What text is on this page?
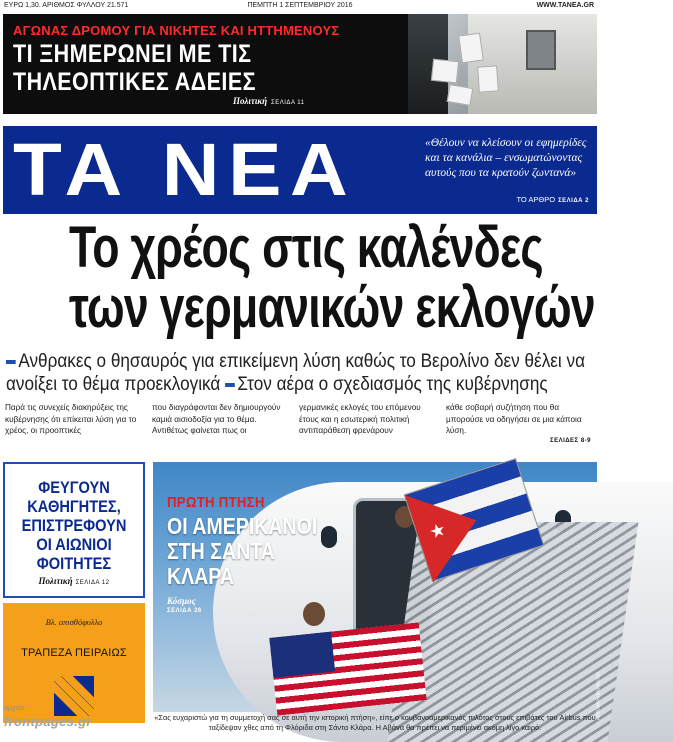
ΕΥΡΩ 1,30. ΑΡΙΘΜΟΣ ΦΥΛΛΟΥ 21.571	ΠΕΜΠΤΗ 1 ΣΕΠΤΕΜΒΡΙΟΥ 2016	WWW.TANEA.GR
ΑΓΩΝΑΣ ΔΡΟΜΟΥ ΓΙΑ ΝΙΚΗΤΕΣ ΚΑΙ ΗΤΤΗΜΕΝΟΥΣ
ΤΙ ΞΗΜΕΡΩΝΕΙ ΜΕ ΤΙΣ ΤΗΛΕΟΠΤΙΚΕΣ ΑΔΕΙΕΣ
Πολιτική ΣΕΛΙΔΑ 11
ΤΑ ΝΕΑ	«Θέλουν να κλείσουν οι εφημερίδες και τα κανάλια – ενσωματώνοντας αυτούς που τα κρατούν ζωντανά»
ΤΟ ΑΡΘΡΟ ΣΕΛΙΔΑ 2
Το χρέος στις καλένδες
των γερμανικών εκλογών
Ανθρακες ο θησαυρός για επικείμενη λύση καθώς το Βερολίνο δεν θέλει να ανοίξει το θέμα προεκλογικά Στον αέρα ο σχεδιασμός της κυβέρνησης
Παρά τις συνεχείς διακηρύξεις της κυβέρνησης ότι επίκειται λύση για το χρέος, οι προοπτικές
που διαγράφονται δεν δημιουργούν καμιά αισιοδοξία για το θέμα. Αντιθέτως φαίνεται πως οι
γερμανικές εκλογές του επόμενου έτους και η εσωτερική πολιτική αντιπαράθεση φρενάρουν
κάθε σοβαρή συζήτηση που θα μπορούσε να οδηγήσει σε μια κάποια λύση.
ΣΕΛΙΔΕΣ 8-9
ΦΕΥΓΟΥΝ ΚΑΘΗΓΗΤΕΣ, ΕΠΙΣΤΡΕΦΟΥΝ ΟΙ ΑΙΩΝΙΟΙ ΦΟΙΤΗΤΕΣ
Πολιτική ΣΕΛΙΔΑ 12
Βλ. οπισθόφυλλο
ΤΡΑΠΕΖΑ ΠΕΙΡΑΙΩΣ
★
ΠΡΩΤΗ ΠΤΗΣΗ
ΟΙ ΑΜΕΡΙΚΑΝΟΙ ΣΤΗ ΣΑΝΤΑ ΚΛΑΡΑ
Κόσμος
ΣΕΛΙΔΑ 26
AP/RAMON ESPINOSA
«Σας ευχαριστώ για τη συμμετοχή σας σε αυτή την ιστορική πτήση», είπε ο κουβανοαμερικανός πιλότος στους επιβάτες του Airbus που ταξίδεψαν χθες από τη Φλόριδα στη Σάντα Κλάρα. Η Αβάνα θα πρέπει να περιμένει ακόμη λίγο καιρό.
αρχείο
frontpages.gr
